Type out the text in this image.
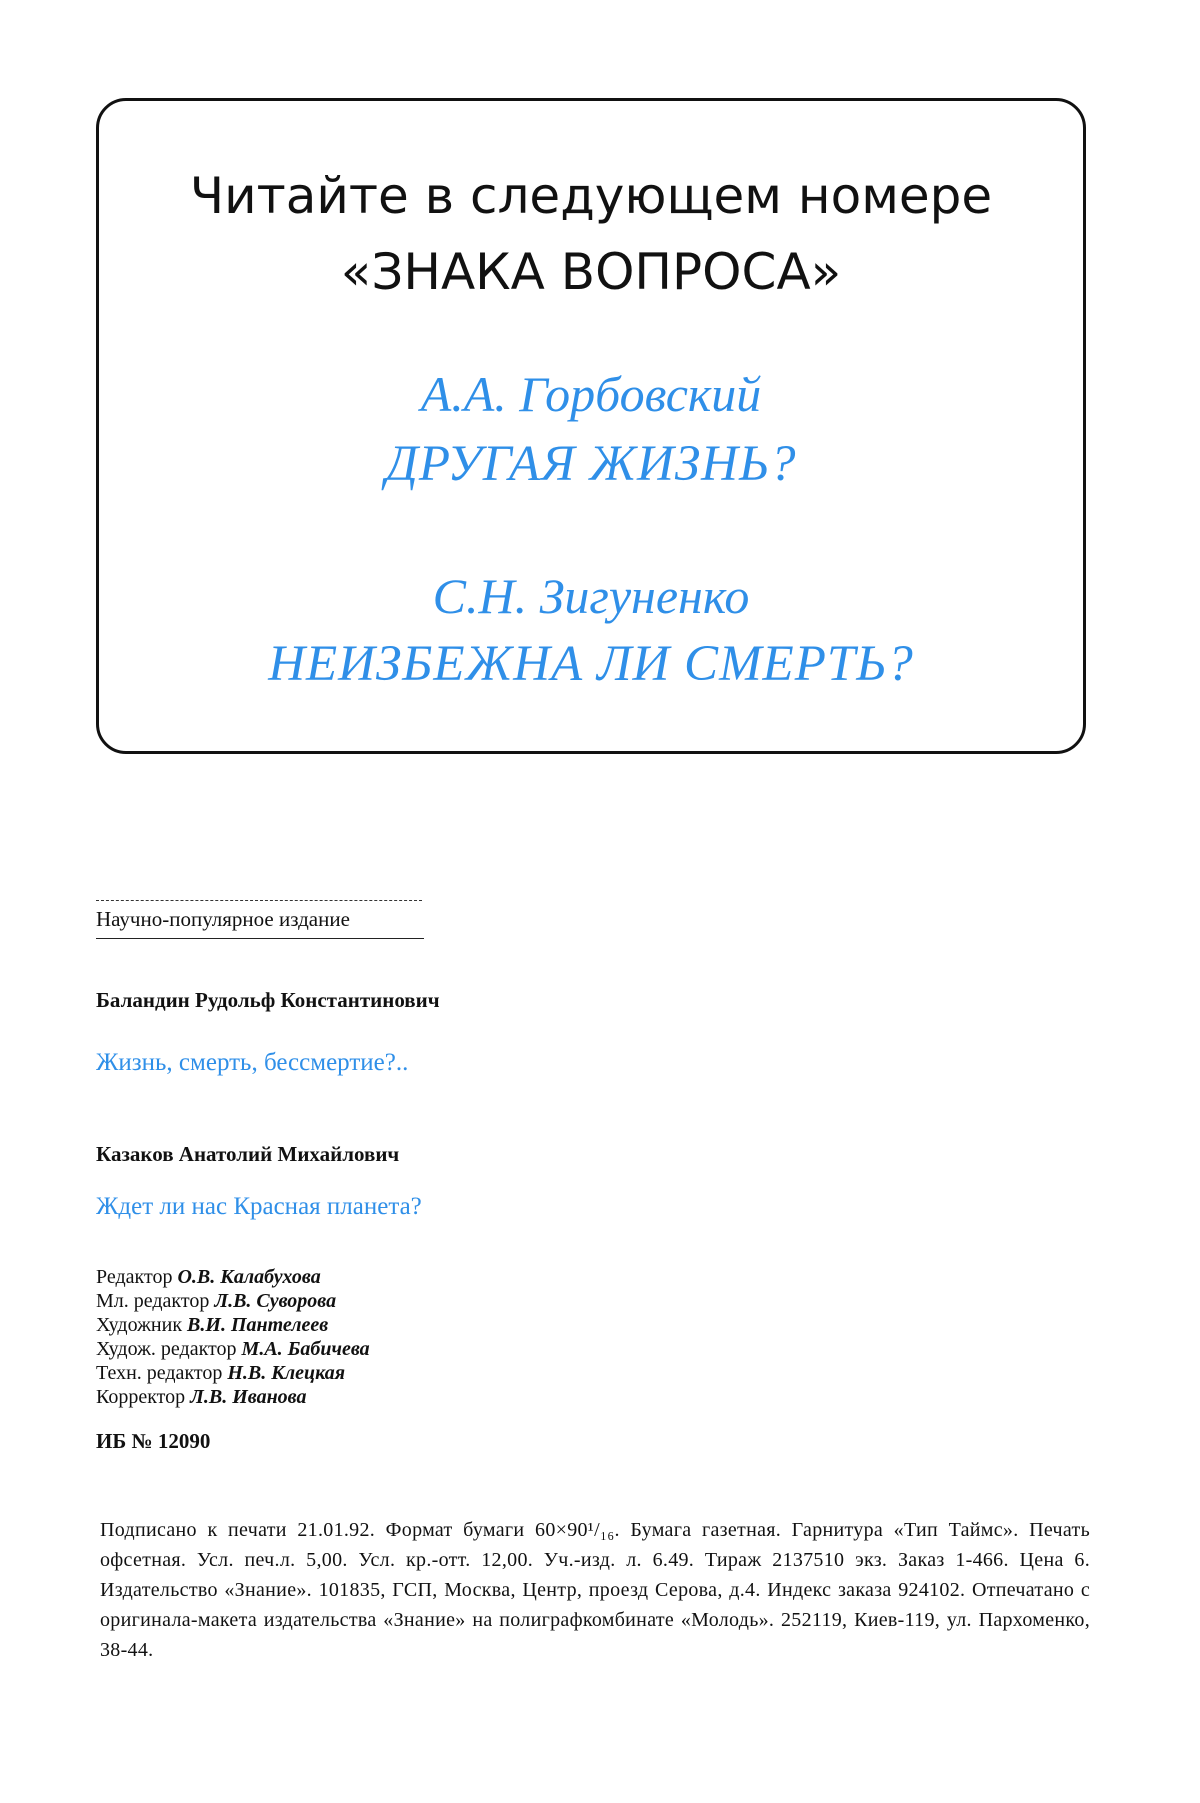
Читайте в следующем номере
«ЗНАКА ВОПРОСА»
А.А. Горбовский
ДРУГАЯ ЖИЗНЬ?
С.Н. Зигуненко
НЕИЗБЕЖНА ЛИ СМЕРТЬ?
Научно-популярное издание
Баландин Рудольф Константинович
Жизнь, смерть, бессмертие?..
Казаков Анатолий Михайлович
Ждет ли нас Красная планета?
Редактор О.В. Калабухова
Мл. редактор Л.В. Суворова
Художник В.И. Пантелеев
Худож. редактор М.А. Бабичева
Техн. редактор Н.В. Клецкая
Корректор Л.В. Иванова
ИБ № 12090
Подписано к печати 21.01.92. Формат бумаги 60×90¹/₁₆. Бумага газетная. Гарнитура «Тип Таймс». Печать офсетная. Усл. печ.л. 5,00. Усл. кр.-отт. 12,00. Уч.-изд. л. 6.49. Тираж 2137510 экз. Заказ 1-466. Цена 6. Издательство «Знание». 101835, ГСП, Москва, Центр, проезд Серова, д.4. Индекс заказа 924102. Отпечатано с оригинала-макета издательства «Знание» на полиграфкомбинате «Молодь». 252119, Киев-119, ул. Пархоменко, 38-44.
